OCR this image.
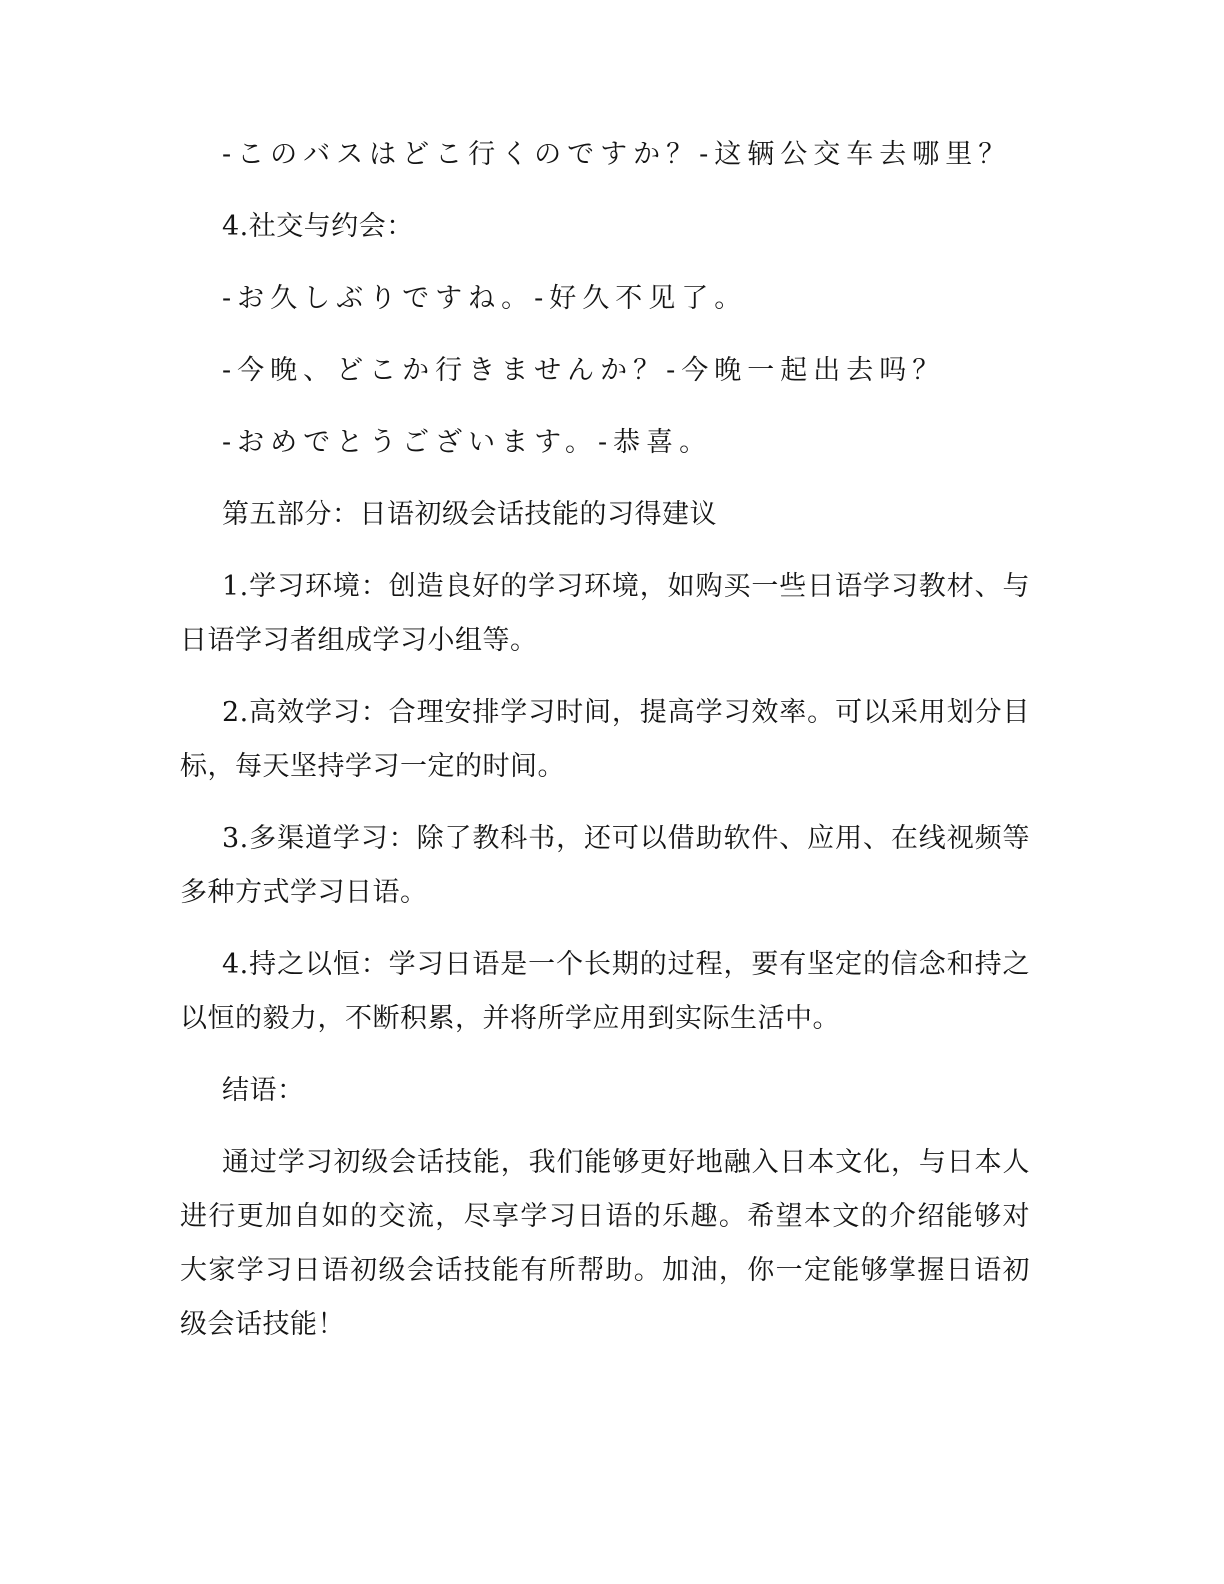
-このバスはどこ行くのですか？-这辆公交车去哪里？

4.社交与约会：

-お久しぶりですね。-好久不见了。

-今晚、どこか行きませんか？-今晚一起出去吗？

-おめでとうございます。-恭喜。

第五部分：日语初级会话技能的习得建议

1.学习环境：创造良好的学习环境，如购买一些日语学习教材、与日语学习者组成学习小组等。

2.高效学习：合理安排学习时间，提高学习效率。可以采用划分目标，每天坚持学习一定的时间。

3.多渠道学习：除了教科书，还可以借助软件、应用、在线视频等多种方式学习日语。

4.持之以恒：学习日语是一个长期的过程，要有坚定的信念和持之以恒的毅力，不断积累，并将所学应用到实际生活中。

结语：

通过学习初级会话技能，我们能够更好地融入日本文化，与日本人进行更加自如的交流，尽享学习日语的乐趣。希望本文的介绍能够对大家学习日语初级会话技能有所帮助。加油，你一定能够掌握日语初级会话技能！
